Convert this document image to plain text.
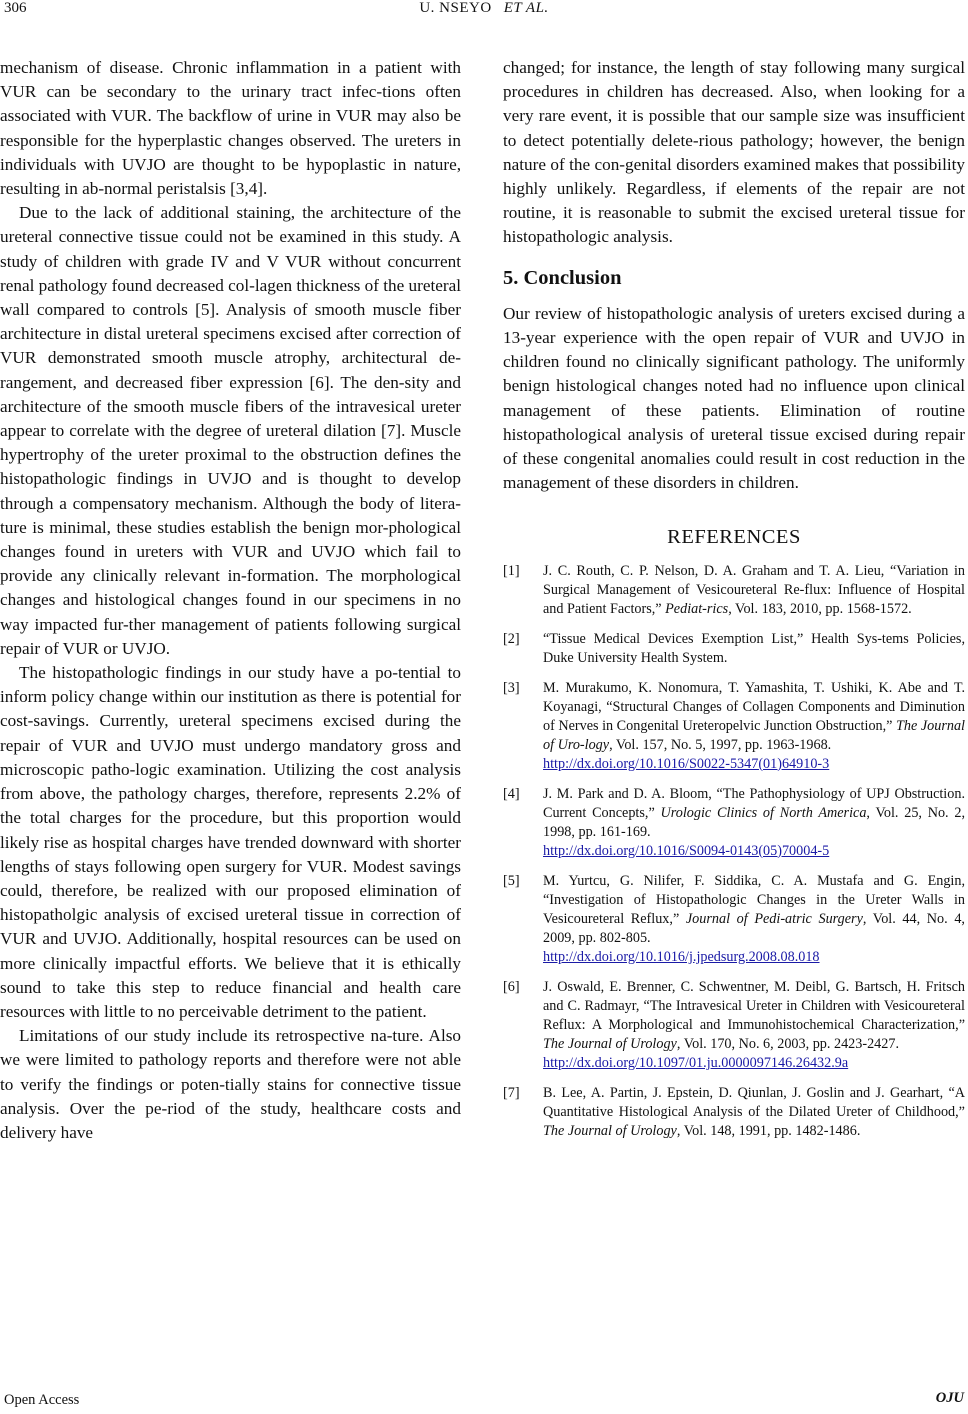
306	U. NSEYO ET AL.

mechanism of disease. Chronic inflammation in a patient with VUR can be secondary to the urinary tract infec-tions often associated with VUR. The backflow of urine in VUR may also be responsible for the hyperplastic changes observed. The ureters in individuals with UVJO are thought to be hypoplastic in nature, resulting in ab-normal peristalsis [3,4].

Due to the lack of additional staining, the architecture of the ureteral connective tissue could not be examined in this study. A study of children with grade IV and V VUR without concurrent renal pathology found decreased col-lagen thickness of the ureteral wall compared to controls [5]. Analysis of smooth muscle fiber architecture in distal ureteral specimens excised after correction of VUR demonstrated smooth muscle atrophy, architectural de-rangement, and decreased fiber expression [6]. The den-sity and architecture of the smooth muscle fibers of the intravesical ureter appear to correlate with the degree of ureteral dilation [7]. Muscle hypertrophy of the ureter proximal to the obstruction defines the histopathologic findings in UVJO and is thought to develop through a compensatory mechanism. Although the body of litera-ture is minimal, these studies establish the benign mor-phological changes found in ureters with VUR and UVJO which fail to provide any clinically relevant in-formation. The morphological changes and histological changes found in our specimens in no way impacted fur-ther management of patients following surgical repair of VUR or UVJO.

The histopathologic findings in our study have a po-tential to inform policy change within our institution as there is potential for cost-savings. Currently, ureteral specimens excised during the repair of VUR and UVJO must undergo mandatory gross and microscopic patho-logic examination. Utilizing the cost analysis from above, the pathology charges, therefore, represents 2.2% of the total charges for the procedure, but this proportion would likely rise as hospital charges have trended downward with shorter lengths of stays following open surgery for VUR. Modest savings could, therefore, be realized with our proposed elimination of histopatholgic analysis of excised ureteral tissue in correction of VUR and UVJO. Additionally, hospital resources can be used on more clinically impactful efforts. We believe that it is ethically sound to take this step to reduce financial and health care resources with little to no perceivable detriment to the patient.

Limitations of our study include its retrospective na-ture. Also we were limited to pathology reports and therefore were not able to verify the findings or poten-tially stains for connective tissue analysis. Over the pe-riod of the study, healthcare costs and delivery have

changed; for instance, the length of stay following many surgical procedures in children has decreased. Also, when looking for a very rare event, it is possible that our sample size was insufficient to detect potentially delete-rious pathology; however, the benign nature of the con-genital disorders examined makes that possibility highly unlikely. Regardless, if elements of the repair are not routine, it is reasonable to submit the excised ureteral tissue for histopathologic analysis.

5. Conclusion

Our review of histopathologic analysis of ureters excised during a 13-year experience with the open repair of VUR and UVJO in children found no clinically significant pathology. The uniformly benign histological changes noted had no influence upon clinical management of these patients. Elimination of routine histopathological analysis of ureteral tissue excised during repair of these congenital anomalies could result in cost reduction in the management of these disorders in children.

REFERENCES
[1]	J. C. Routh, C. P. Nelson, D. A. Graham and T. A. Lieu, “Variation in Surgical Management of Vesicoureteral Re-flux: Influence of Hospital and Patient Factors,” Pediat-rics, Vol. 183, 2010, pp. 1568-1572.
[2]	“Tissue Medical Devices Exemption List,” Health Sys-tems Policies, Duke University Health System.
[3]	M. Murakumo, K. Nonomura, T. Yamashita, T. Ushiki, K. Abe and T. Koyanagi, “Structural Changes of Collagen Components and Diminution of Nerves in Congenital Ureteropelvic Junction Obstruction,” The Journal of Uro-logy, Vol. 157, No. 5, 1997, pp. 1963-1968.
http://dx.doi.org/10.1016/S0022-5347(01)64910-3
[4]	J. M. Park and D. A. Bloom, “The Pathophysiology of UPJ Obstruction. Current Concepts,” Urologic Clinics of North America, Vol. 25, No. 2, 1998, pp. 161-169.
http://dx.doi.org/10.1016/S0094-0143(05)70004-5
[5]	M. Yurtcu, G. Nilifer, F. Siddika, C. A. Mustafa and G. Engin, “Investigation of Histopathologic Changes in the Ureter Walls in Vesicoureteral Reflux,” Journal of Pedi-atric Surgery, Vol. 44, No. 4, 2009, pp. 802-805.
http://dx.doi.org/10.1016/j.jpedsurg.2008.08.018
[6]	J. Oswald, E. Brenner, C. Schwentner, M. Deibl, G. Bartsch, H. Fritsch and C. Radmayr, “The Intravesical Ureter in Children with Vesicoureteral Reflux: A Morphological and Immunohistochemical Characterization,” The Journal of Urology, Vol. 170, No. 6, 2003, pp. 2423-2427.
http://dx.doi.org/10.1097/01.ju.0000097146.26432.9a
[7]	B. Lee, A. Partin, J. Epstein, D. Qiunlan, J. Goslin and J. Gearhart, “A Quantitative Histological Analysis of the Dilated Ureter of Childhood,” The Journal of Urology, Vol. 148, 1991, pp. 1482-1486.
Open Access	OJU
